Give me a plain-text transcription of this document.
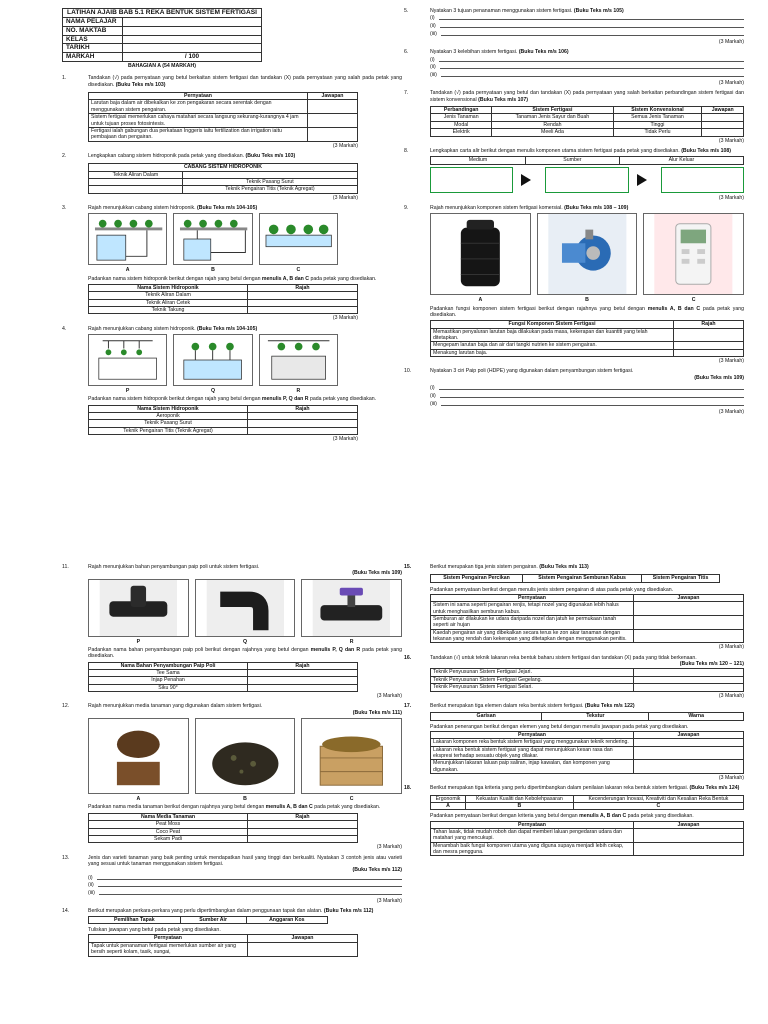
LATIHAN AJAIB BAB 5.1 REKA BENTUK SISTEM FERTIGASI	
NAMA PELAJAR	
NO. MAKTAB	
KELAS	
TARIKH	
MARKAH	/ 100
BAHAGIAN A (54 MARKAH)
1.	Tandakan (√) pada pernyataan yang betul berkaitan sistem fertigasi dan tandakan (X) pada pernyataan yang salah pada petak yang disediakan. (Buku Teks m/s 103)

Pernyataan	Jawapan
Larutan baja dalam air dibekalkan ke zon pengakaran secara serentak dengan menggunakan sistem pengairan.	
Sistem fertigasi memerlukan cahaya matahari secara langsung sekurang-kurangnya 4 jam untuk tujuan proses fotosintesis.	
Fertigasi ialah gabungan dua perkataan Inggeris iaitu fertilization dan irrigation iaitu pembajaan dan pengairan.	
(3 Markah)
2.	Lengkapkan cabang sistem hidroponik pada petak yang disediakan. (Buku Teks m/s 103)

CABANG SISTEM HIDROPONIK	
Teknik Aliran Dalam	
	Teknik Pasang Surut
	Teknik Pengairan Titis (Teknik Agregat)
(3 Markah)
3.	Rajah menunjukkan cabang sistem hidroponik. (Buku Teks m/s 104-105)

A	B	C

Padankan nama sistem hidroponik berikut dengan rajah yang betul dengan menulis A, B dan C pada petak yang disediakan.

Nama Sistem Hidroponik	Rajah
Teknik Aliran Dalam	
Teknik Aliran Cetek	
Teknik Takung	
(3 Markah)
4.	Rajah menunjukkan cabang sistem hidroponik. (Buku Teks m/s 104-105)

P	Q	R

Padankan nama sistem hidroponik berikut dengan rajah yang betul dengan menulis P, Q dan R pada petak yang disediakan.

Nama Sistem Hidroponik	Rajah
Aeroponik	
Teknik Pasang Surut	
Teknik Pengairan Titis (Teknik Agregat)	
(3 Markah)
5.	Nyatakan 3 tujuan penanaman menggunakan sistem fertigasi. (Buku Teks m/s 105)

(i)
(ii)
(iii)
(3 Markah)
6.	Nyatakan 3 kelebihan sistem fertigasi. (Buku Teks m/s 106)

(i)
(ii)
(iii)
(3 Markah)
7.	Tandakan (√) pada pernyataan yang betul dan tandakan (X) pada pernyataan yang salah berkaitan perbandingan sistem fertigasi dan sistem konvensional (Buku Teks m/s 107)

Perbandingan	Sistem Fertigasi	Sistem Konvensional	Jawapan
Jenis Tanaman	Tanaman Jenis Sayur dan Buah	Semua Jenis Tanaman	
Modal	Rendah	Tinggi	
Elektrik	Meeli Ada	Tidak Perlu	
(3 Markah)
8.	Lengkapkan carta alir berikut dengan menulis komponen utama sistem fertigasi pada petak yang disediakan. (Buku Teks m/s 108)

Medium	Sumber	Alur Keluar
(3 Markah)
9.	Rajah menunjukkan komponen sistem fertigasi komersial. (Buku Teks m/s 108 – 109)

A	B	C

Padankan fungsi komponen sistem fertigasi berikut dengan rajahnya yang betul dengan menulis A, B dan C pada petak yang disediakan.

Fungsi Komponen Sistem Fertigasi	Rajah
Memastikan penyaluran larutan baja dilakukan pada masa, kekerapan dan kuantiti yang telah ditetapkan.	
Mengepam larutan baja dan air dari tangki nutrien ke sistem pengairan.	
Menakung larutan baja.	
(3 Markah)
10.	Nyatakan 3 ciri Paip poli (HDPE) yang digunakan dalam penyambungan sistem fertigasi.

(Buku Teks m/s 109)

(i)
(ii)
(iii)
(3 Markah)
11.	Rajah menunjukkan bahan penyambungan paip poli untuk sistem fertigasi.

(Buku Teks m/s 109)

P	Q	R

Padankan nama bahan penyambungan paip poli berikut dengan rajahnya yang betul dengan menulis P, Q dan R pada petak yang disediakan.

Nama Bahan Penyambungan Paip Poli	Rajah
Tee Sama	
Injap Penahan	
Siku 90°	
(3 Markah)
12.	Rajah menunjukkan media tanaman yang digunakan dalam sistem fertigasi.

(Buku Teks m/s 111)

A	B	C

Padankan nama media tanaman berikut dengan rajahnya yang betul dengan menulis A, B dan C pada petak yang disediakan.

Nama Media Tanaman	Rajah
Peat Moss	
Coco Peat	
Sekam Padi	
(3 Markah)
13.	Jenis dan varieti tanaman yang baik penting untuk mendapatkan hasil yang tinggi dan berkualiti. Nyatakan 3 contoh jenis atau varieti yang sesuai untuk tanaman menggunakan sistem fertigasi.

(Buku Teks m/s 112)

(i)
(ii)
(iii)
(3 Markah)
14.	Berikut merupakan perkara-perkara yang perlu dipertimbangkan dalam penggunaan tapak dan alatan. (Buku Teks m/s 112)

Pemilihan Tapak	Sumber Air	Anggaran Kos

Tuliskan jawapan yang betul pada petak yang disediakan.

Pernyataan	Jawapan
Tapak untuk penanaman fertigasi memerlukan sumber air yang bersih seperti kolam, tasik, sungai,	
15.	Berikut merupakan tiga jenis sistem pengairan. (Buku Teks m/s 113)

Sistem Pengairan Percikan	Sistem Pengairan Semburan Kabus	Sistem Pengairan Titis

Padankan pernyataan berikut dengan menulis jenis sistem pengairan di atas pada petak yang disediakan.

Pernyataan	Jawapan
Sistem ini sama seperti pengairan renjis, tetapi nozel yang digunakan lebih halus untuk menghasilkan semburan kabus.	
Semburan air dilakukan ke udara daripada nozel dan jatuh ke permukaan tanah seperti air hujan	
Kaedah pengairan air yang dibekalkan secara terus ke zon akar tanaman dengan tekanan yang rendah dan kekerapan yang ditetapkan dengan menggunakan penitis.	
(3 Markah)
16.	Tandakan (√) untuk teknik lakaran reka bentuk baharu sistem fertigasi dan tandakan (X) pada yang tidak berkenaan.

(Buku Teks m/s 120 – 121)

Teknik Penyusunan Sistem Fertigasi Jejari.	
Teknik Penyusunan Sistem Fertigasi Gegelang.	
Teknik Penyusunan Sistem Fertigasi Selari.	
(3 Markah)
17.	Berikut merupakan tiga elemen dalam reka bentuk sistem fertigasi. (Buku Teks m/s 122)

Garisan	Tekstur	Warna

Padankan penerangan berikut dengan elemen yang betul dengan menulis jawapan pada petak yang disediakan.

Pernyataan	Jawapan
Lakaran komponen reka bentuk sistem fertigasi yang menggunakan teknik rendering.	
Lakaran reka bentuk sistem fertigasi yang dapat menunjukkan kesan rasa dan ekspresi terhadap sesuatu objek yang dilakar.	
Menunjukkan lakaran laluan paip saliran, injap kawalan, dan komponen yang digunakan.	
(3 Markah)
18.	Berikut merupakan tiga kriteria yang perlu dipertimbangkan dalam penilaian lakaran reka bentuk sistem fertigasi. (Buku Teks m/s 124)

Ergonomik	Kekuatan Kualiti dan Kebolehpasaran	Kecenderungan Inovasi, Kreativiti dan Kesalian Reka Bentuk
A	B	C

Padankan pernyataan berikut dengan kriteria yang betul dengan menulis A, B dan C pada petak yang disediakan.

Pernyataan	Jawapan
Tahan lasak, tidak mudah roboh dan dapat memberi laluan pengedaran udara dan matahari yang mencukupi.	
Menambah baik fungsi komponen utama yang diguna supaya menjadi lebih cekap, dan mesra pengguna.	
